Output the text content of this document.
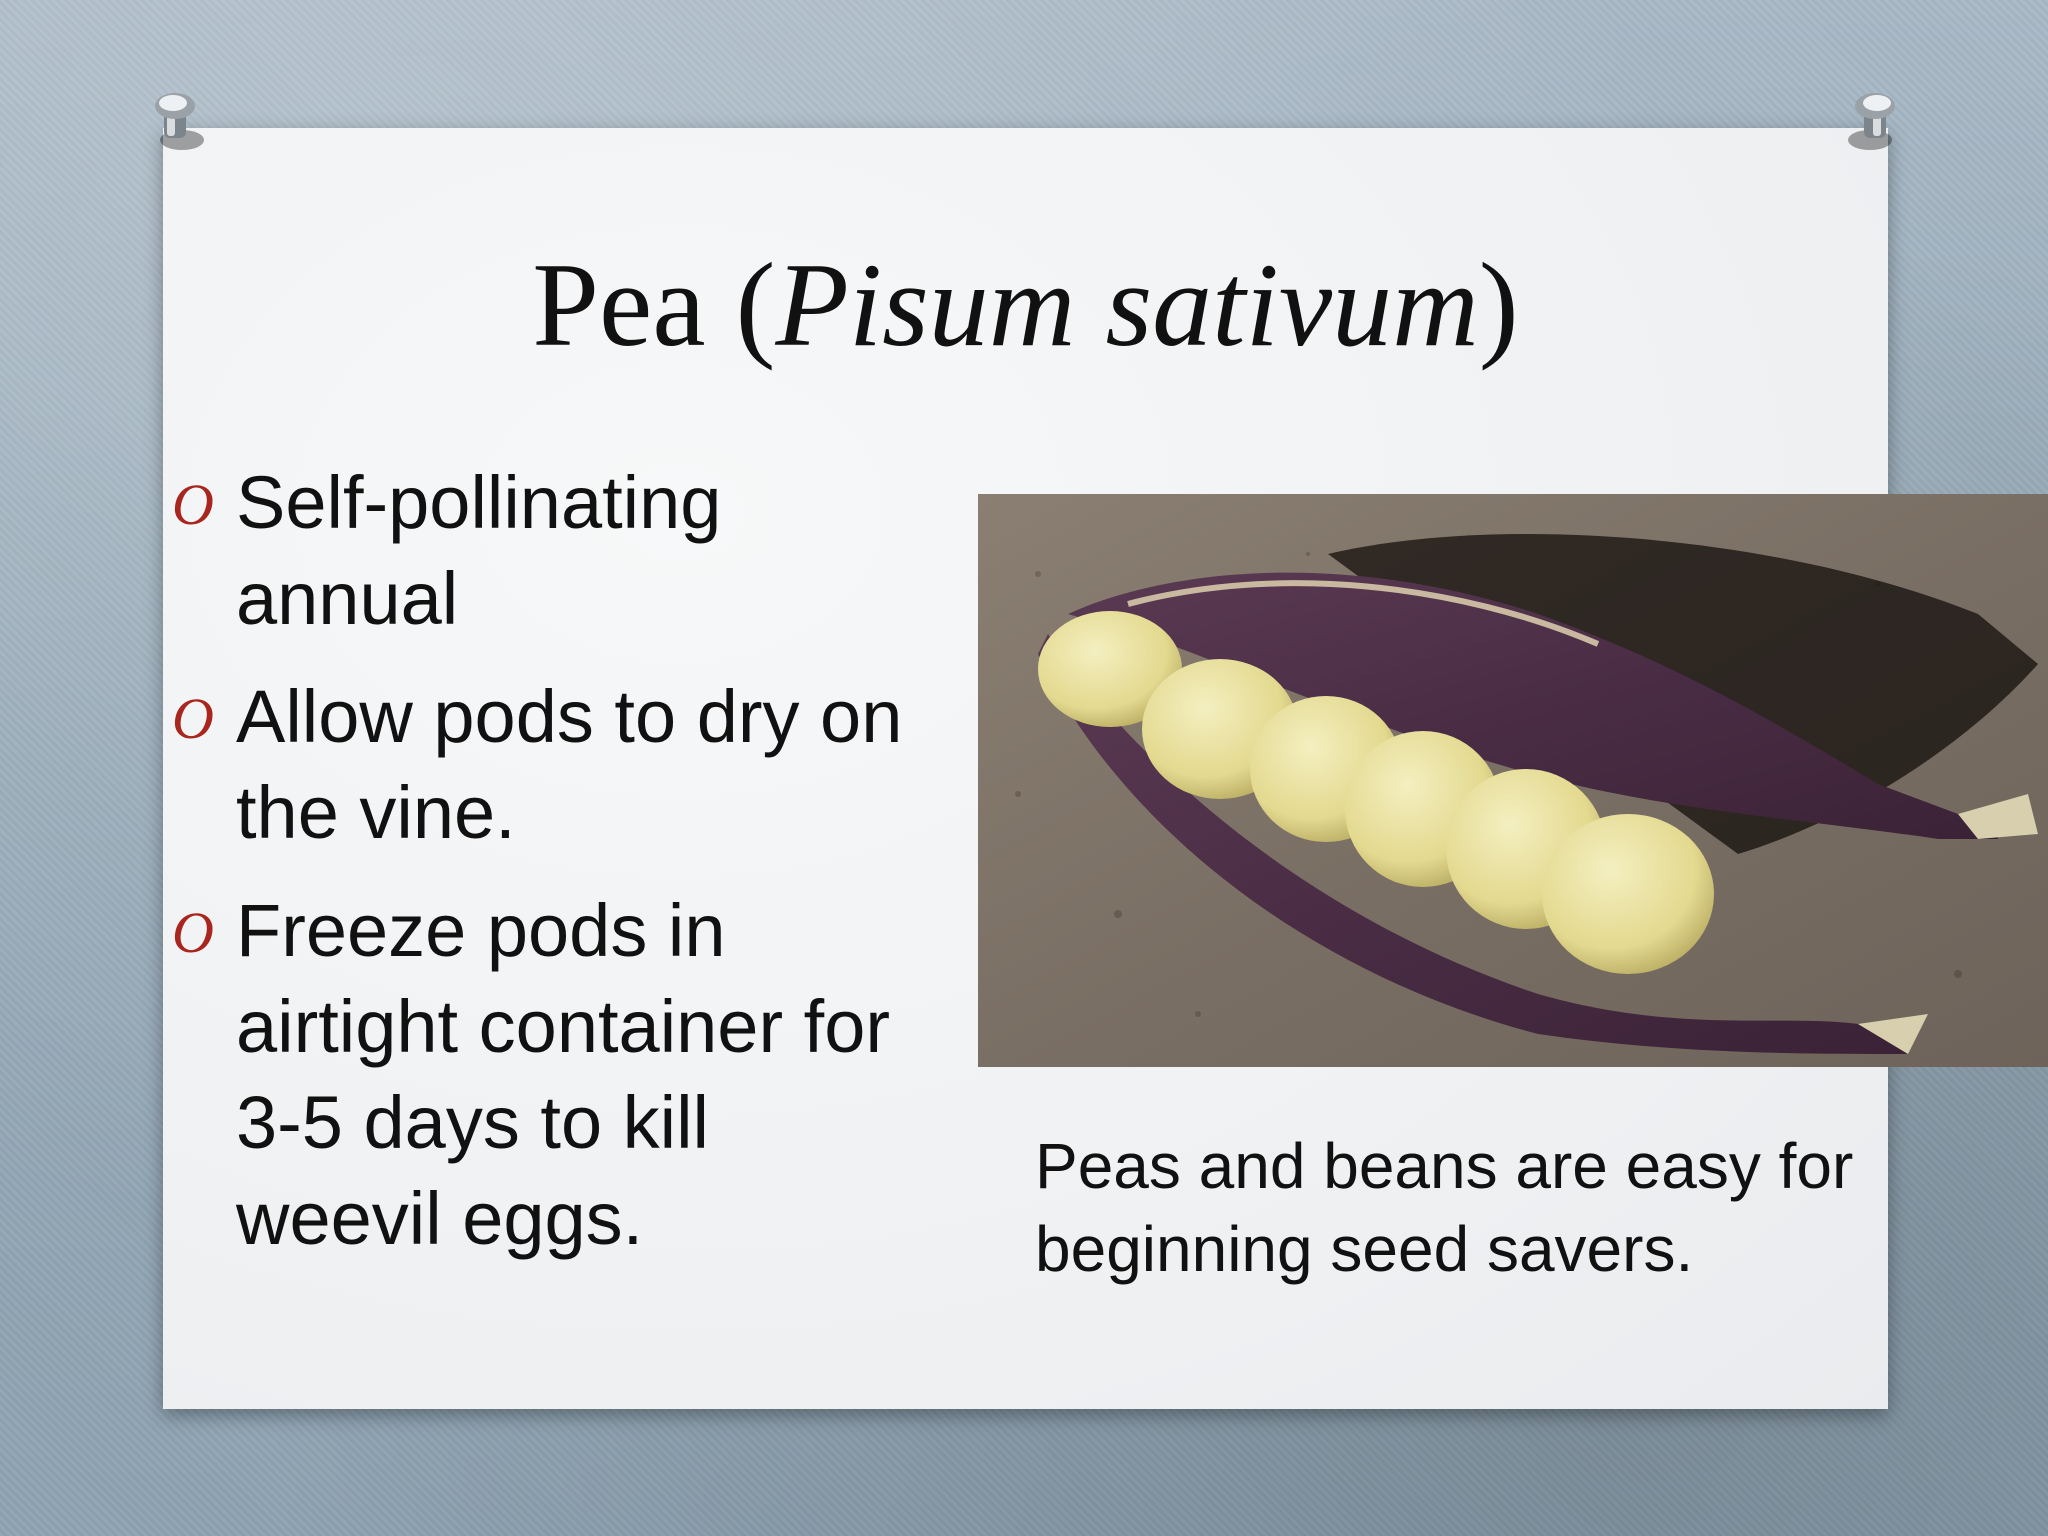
Pea (Pisum sativum)
O Self-pollinating annual
O Allow pods to dry on the vine.
O Freeze pods in airtight container for 3-5 days to kill weevil eggs.
Peas and beans are easy for beginning seed savers.
